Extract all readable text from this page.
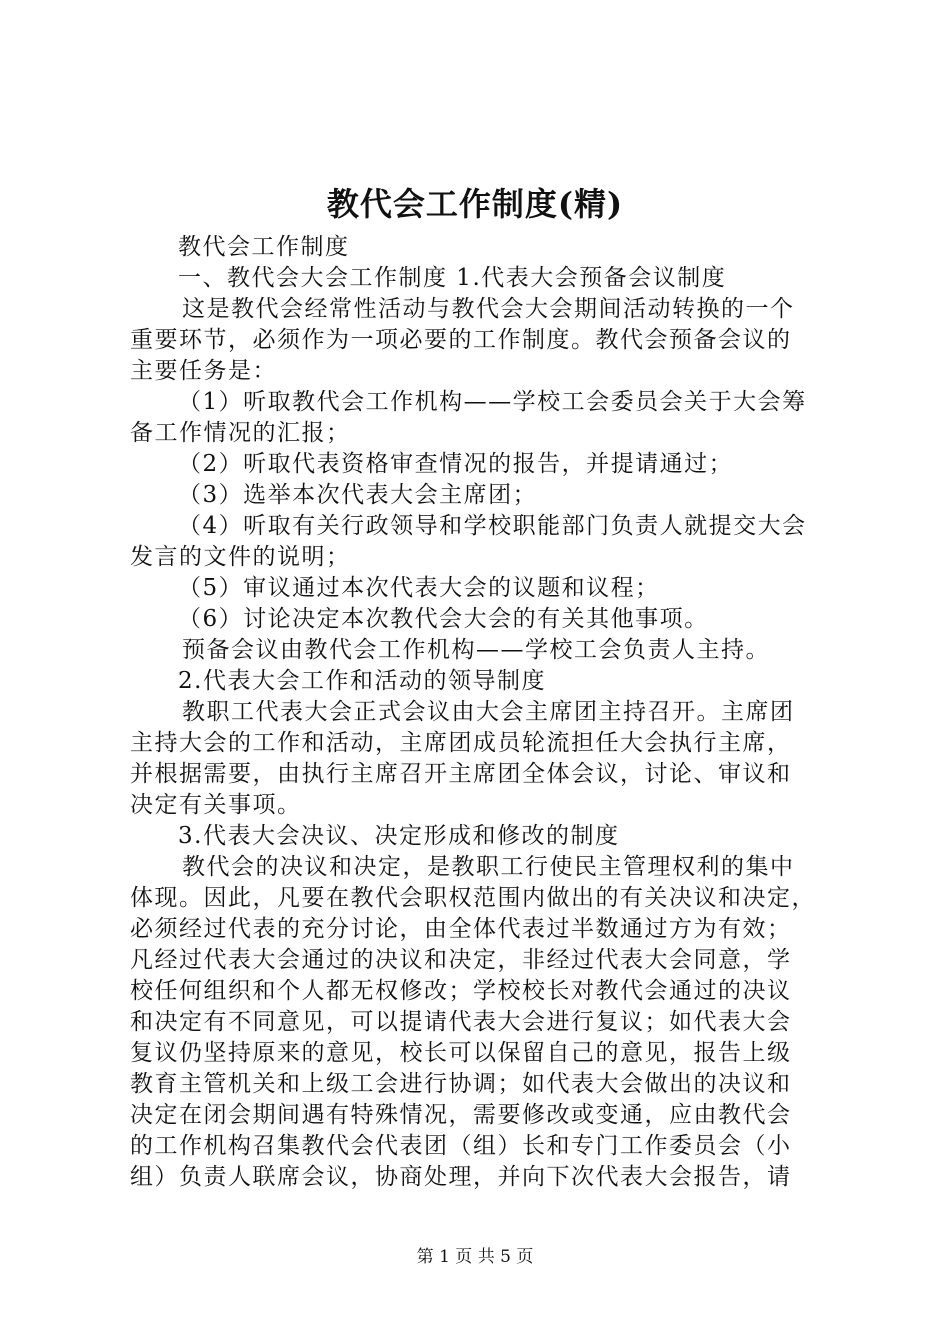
教代会工作制度(精)

教代会工作制度

一、教代会大会工作制度 1.代表大会预备会议制度

这是教代会经常性活动与教代会大会期间活动转换的一个

重要环节，必须作为一项必要的工作制度。教代会预备会议的

主要任务是：

（1）听取教代会工作机构——学校工会委员会关于大会筹

备工作情况的汇报；

（2）听取代表资格审查情况的报告，并提请通过；

（3）选举本次代表大会主席团；

（4）听取有关行政领导和学校职能部门负责人就提交大会

发言的文件的说明；

（5）审议通过本次代表大会的议题和议程；

（6）讨论决定本次教代会大会的有关其他事项。

预备会议由教代会工作机构——学校工会负责人主持。

2.代表大会工作和活动的领导制度

教职工代表大会正式会议由大会主席团主持召开。主席团

主持大会的工作和活动，主席团成员轮流担任大会执行主席，

并根据需要，由执行主席召开主席团全体会议，讨论、审议和

决定有关事项。

3.代表大会决议、决定形成和修改的制度

教代会的决议和决定，是教职工行使民主管理权利的集中

体现。因此，凡要在教代会职权范围内做出的有关决议和决定，

必须经过代表的充分讨论，由全体代表过半数通过方为有效；

凡经过代表大会通过的决议和决定，非经过代表大会同意，学

校任何组织和个人都无权修改；学校校长对教代会通过的决议

和决定有不同意见，可以提请代表大会进行复议；如代表大会

复议仍坚持原来的意见，校长可以保留自己的意见，报告上级

教育主管机关和上级工会进行协调；如代表大会做出的决议和

决定在闭会期间遇有特殊情况，需要修改或变通，应由教代会

的工作机构召集教代会代表团（组）长和专门工作委员会（小

组）负责人联席会议，协商处理，并向下次代表大会报告，请

第 1 页 共 5 页
